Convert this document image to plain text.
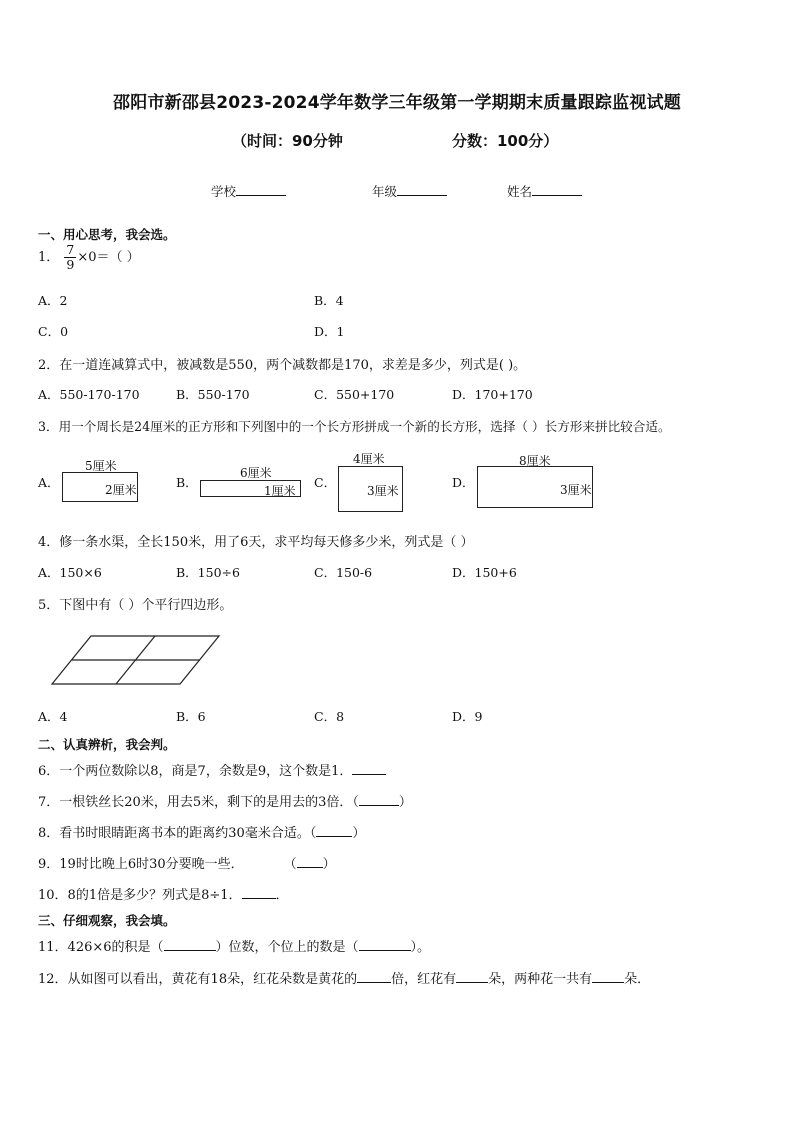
邵阳市新邵县2023-2024学年数学三年级第一学期期末质量跟踪监视试题
（时间：90分钟	分数：100分）
学校	年级	姓名
一、用心思考，我会选。
1． $\frac{7}{9} \times 0=$（ ）
A．2	B．4
C．0	D．1
2．在一道连减算式中，被减数是550，两个减数都是170，求差是多少，列式是( )。
A．550-170-170	B．550-170	C．550+170	D．170+170
3．用一个周长是24厘米的正方形和下列图中的一个长方形拼成一个新的长方形，选择（ ）长方形来拼比较合适。
A．
5厘米
2厘米	B．
6厘米
1厘米
C．
4厘米
3厘米
D．
8厘米
3厘米
4．修一条水渠，全长150米，用了6天，求平均每天修多少米，列式是（ ）
A．150×6	B．150÷6	C．150-6	D．150+6
5．下图中有（ ）个平行四边形。
A．4	B．6	C．8	D．9
二、认真辨析，我会判。
6．一个两位数除以8，商是7，余数是9，这个数是1．
7．一根铁丝长20米，用去5米，剩下的是用去的3倍．（	）
8．看书时眼睛距离书本的距离约30毫米合适。（	）
9．19时比晚上6时30分要晚一些．	（ ）
10．8的1倍是多少？列式是8÷1．	．
三、仔细观察，我会填。
11．426×6的积是（	）位数，个位上的数是（	）。
12．从如图可以看出，黄花有18朵，红花朵数是黄花的	倍，红花有 朵，两种花一共有 朵．
